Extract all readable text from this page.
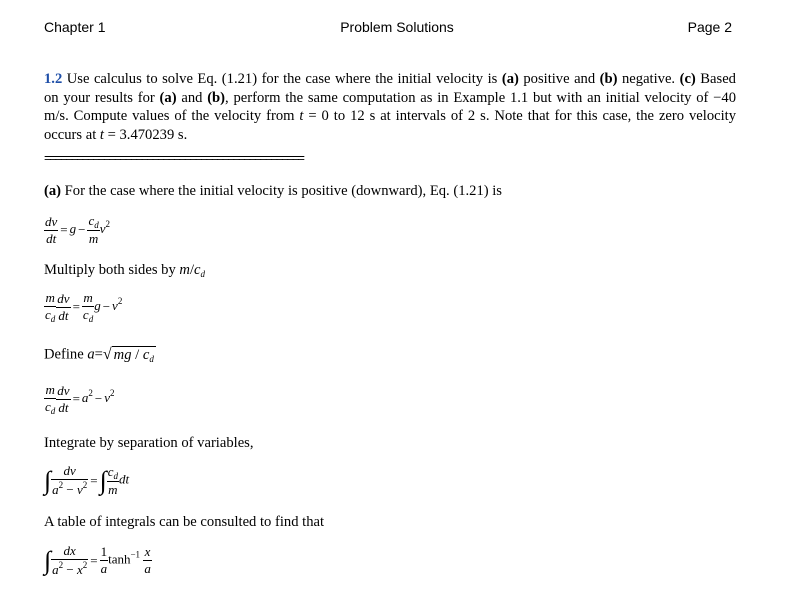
Chapter 1	Problem Solutions	Page 2
1.2 Use calculus to solve Eq. (1.21) for the case where the initial velocity is (a) positive and (b) negative. (c) Based on your results for (a) and (b), perform the same computation as in Example 1.1 but with an initial velocity of −40 m/s. Compute values of the velocity from t = 0 to 12 s at intervals of 2 s. Note that for this case, the zero velocity occurs at t = 3.470239 s.
================================================
(a) For the case where the initial velocity is positive (downward), Eq. (1.21) is
$\frac{dv}{dt} = g - \frac{c_d}{m} v^2$
Multiply both sides by $m/c_d$
$\frac{m}{c_d} \frac{dv}{dt} = \frac{m}{c_d}$ $g - v^2$
Define a=√ mg / $c_d$
$\frac{m}{c_d} \frac{dv}{dt} = a^2 - v^2$
Integrate by separation of variables,
∫ $\frac{dv}{a^2 - v^2}$ =∫ $\frac{c_d}{m}$ dt
A table of integrals can be consulted to find that
∫ $\frac{dx}{a^2 - x^2} = \frac{1}{a} \tanh^{-1} \frac{x}{a}$
